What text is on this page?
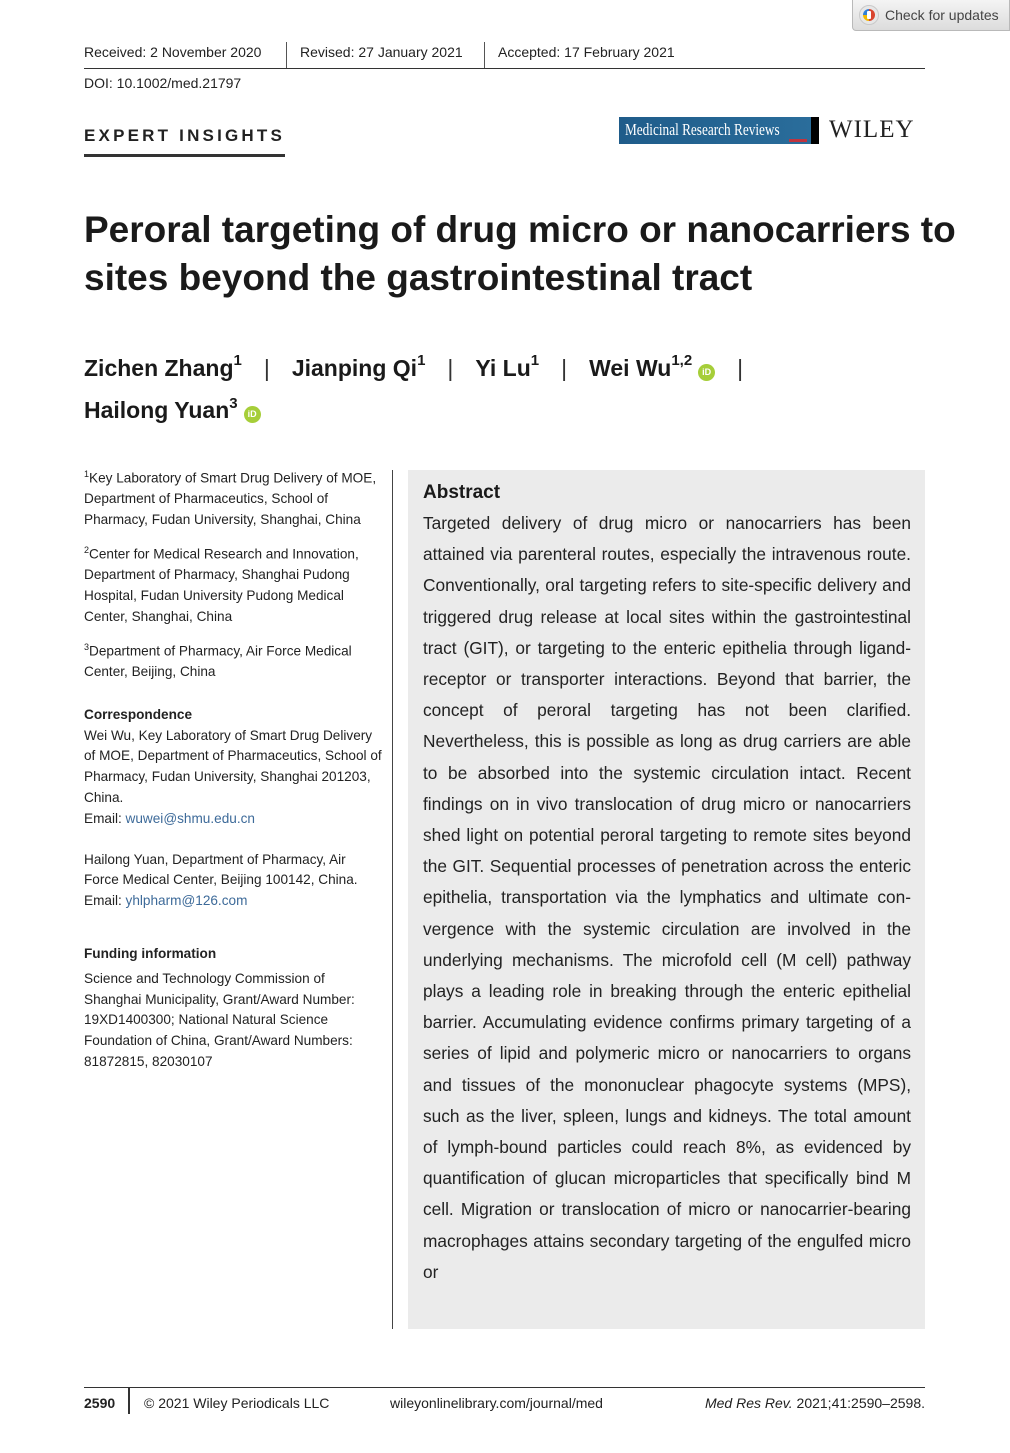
Check for updates
Received: 2 November 2020	Revised: 27 January 2021	Accepted: 17 February 2021
DOI: 10.1002/med.21797
EXPERT INSIGHTS	Medicinal Research Reviews WILEY
Peroral targeting of drug micro or nanocarriers to sites beyond the gastrointestinal tract
Zichen Zhang$^1$ | Jianping Qi$^1$ | Yi Lu$^1$ | Wei Wu$^{1,2}$iD |
Hailong Yuan$^3$iD

$^1$Key Laboratory of Smart Drug Delivery of MOE, Department of Pharmaceutics, School of Pharmacy, Fudan University, Shanghai, China

$^2$Center for Medical Research and Innovation, Department of Pharmacy, Shanghai Pudong Hospital, Fudan University Pudong Medical Center, Shanghai, China

$^3$Department of Pharmacy, Air Force Medical Center, Beijing, China

Correspondence

Wei Wu, Key Laboratory of Smart Drug Delivery of MOE, Department of Pharmaceutics, School of Pharmacy, Fudan University, Shanghai 201203, China.

Email: wuwei@shmu.edu.cn

Hailong Yuan, Department of Pharmacy, Air Force Medical Center, Beijing 100142, China.

Email: yhlpharm@126.com

Funding information

Science and Technology Commission of Shanghai Municipality, Grant/Award Number: 19XD1400300; National Natural Science Foundation of China, Grant/Award Numbers: 81872815, 82030107

Abstract

Targeted delivery of drug micro or nanocarriers has been attained via parenteral routes, especially the intravenous route. Conventionally, oral targeting refers to site-specific delivery and triggered drug release at local sites within the gastrointestinal tract (GIT), or targeting to the enteric epithelia through ligand-receptor or transporter interactions. Beyond that barrier, the concept of peroral targeting has not been clarified. Nevertheless, this is possible as long as drug carriers are able to be absorbed into the systemic circulation intact. Recent findings on in vivo translocation of drug micro or nanocarriers shed light on potential peroral targeting to remote sites beyond the GIT. Sequential processes of penetration across the enteric epithelia, transportation via the lymphatics and ultimate convergence with the systemic circulation are involved in the underlying mechanisms. The microfold cell (M cell) pathway plays a leading role in breaking through the enteric epithelial barrier. Accumulating evidence confirms primary targeting of a series of lipid and polymeric micro or nanocarriers to organs and tissues of the mononuclear phagocyte systems (MPS), such as the liver, spleen, lungs and kidneys. The total amount of lymph-bound particles could reach 8%, as evidenced by quantification of glucan microparticles that specifically bind M cell. Migration or translocation of micro or nanocarrier-bearing macrophages attains secondary targeting of the engulfed micro or

2590 © 2021 Wiley Periodicals LLC	wileyonlinelibrary.com/journal/med	Med Res Rev. 2021;41:2590–2598.
